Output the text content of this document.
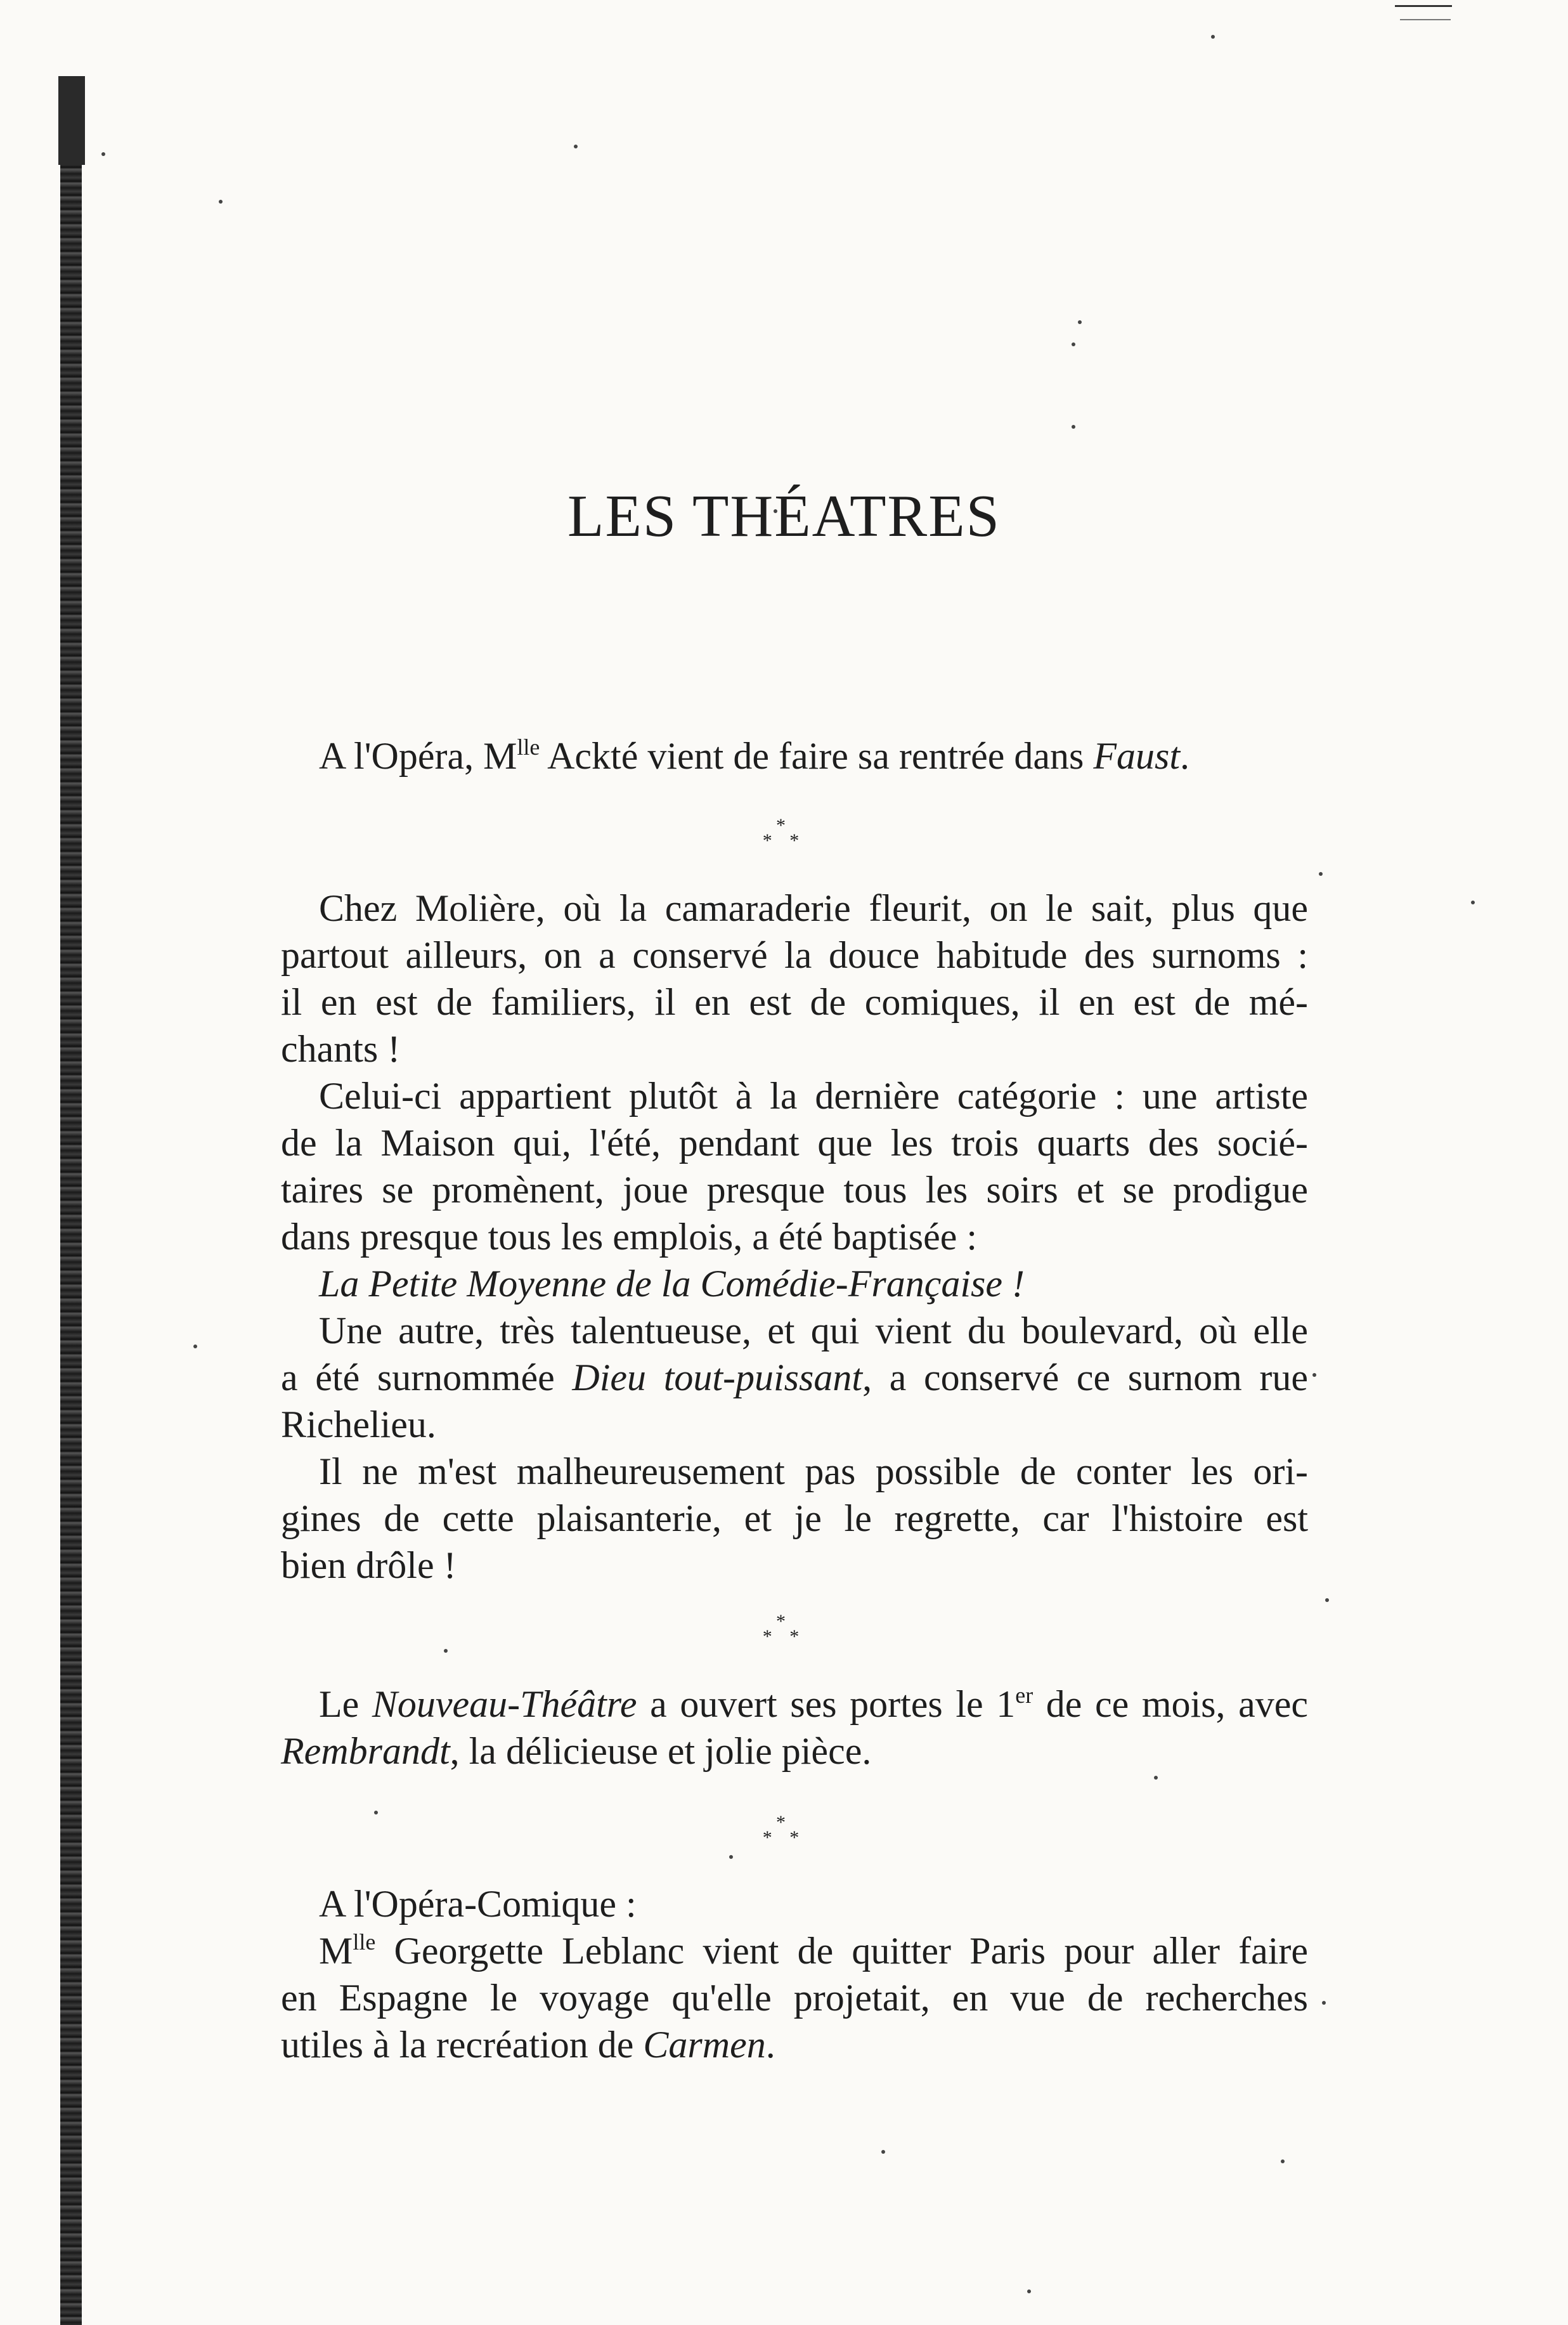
LES THÉATRES
A l'Opéra, $M^{lle}$ Ackté vient de faire sa rentrée dans Faust.
*
* *
Chez Molière, où la camaraderie fleurit, on le sait, plus que
partout ailleurs, on a conservé la douce habitude des surnoms :
il en est de familiers, il en est de comiques, il en est de mé-
chants !
Celui-ci appartient plutôt à la dernière catégorie : une artiste
de la Maison qui, l'été, pendant que les trois quarts des socié-
taires se promènent, joue presque tous les soirs et se prodigue
dans presque tous les emplois, a été baptisée :
La Petite Moyenne de la Comédie-Française !
Une autre, très talentueuse, et qui vient du boulevard, où elle
a été surnommée Dieu tout-puissant, a conservé ce surnom rue
Richelieu.
Il ne m'est malheureusement pas possible de conter les ori-
gines de cette plaisanterie, et je le regrette, car l'histoire est
bien drôle !
*
* *
Le Nouveau-Théâtre a ouvert ses portes le 1er de ce mois, avec
Rembrandt, la délicieuse et jolie pièce.
*
* *
A l'Opéra-Comique :
$M^{lle}$ Georgette Leblanc vient de quitter Paris pour aller faire
en Espagne le voyage qu'elle projetait, en vue de recherches
utiles à la recréation de Carmen.
